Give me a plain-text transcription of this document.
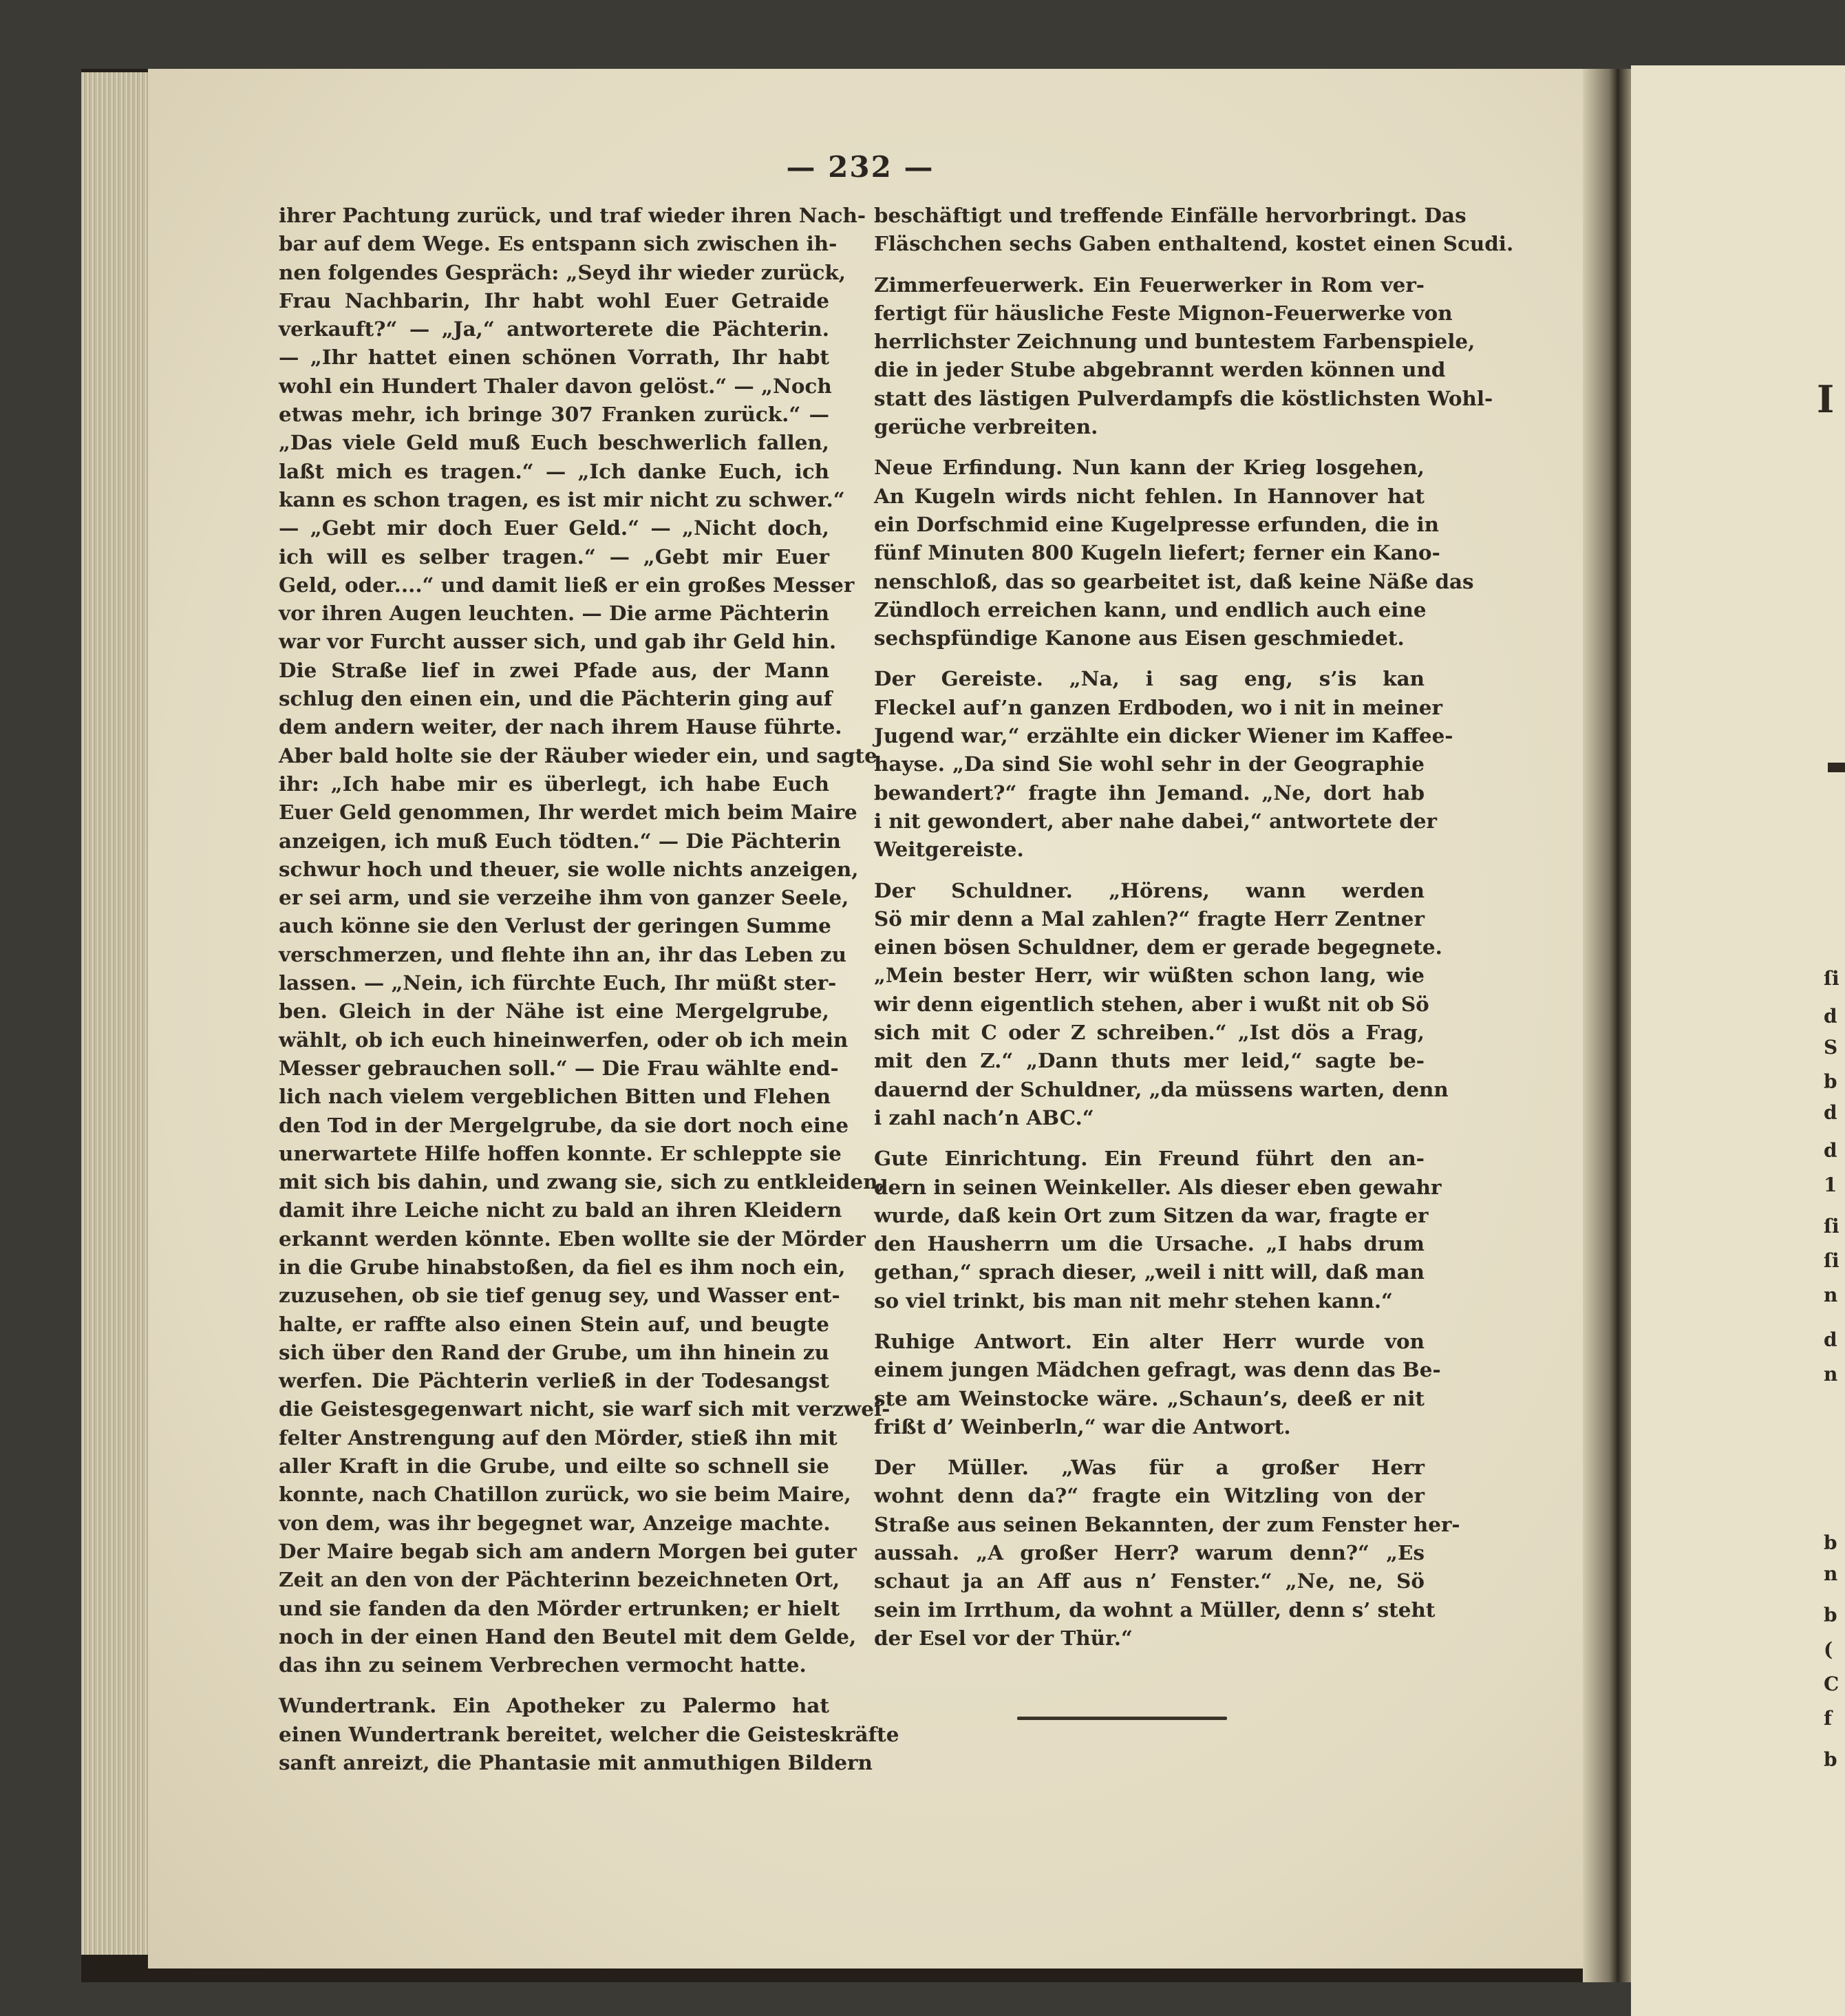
— 232 —
ihrer Pachtung zurück, und traf wieder ihren Nach-
bar auf dem Wege. Es entspann sich zwischen ih-
nen folgendes Gespräch: „Seyd ihr wieder zurück,
Frau Nachbarin, Ihr habt wohl Euer Getraide
verkauft?“ — „Ja,“ antworterete die Pächterin.
— „Ihr hattet einen schönen Vorrath, Ihr habt
wohl ein Hundert Thaler davon gelöst.“ — „Noch
etwas mehr, ich bringe 307 Franken zurück.“ —
„Das viele Geld muß Euch beschwerlich fallen,
laßt mich es tragen.“ — „Ich danke Euch, ich
kann es schon tragen, es ist mir nicht zu schwer.“
— „Gebt mir doch Euer Geld.“ — „Nicht doch,
ich will es selber tragen.“ — „Gebt mir Euer
Geld, oder....“ und damit ließ er ein großes Messer
vor ihren Augen leuchten. — Die arme Pächterin
war vor Furcht ausser sich, und gab ihr Geld hin.
Die Straße lief in zwei Pfade aus, der Mann
schlug den einen ein, und die Pächterin ging auf
dem andern weiter, der nach ihrem Hause führte.
Aber bald holte sie der Räuber wieder ein, und sagte
ihr: „Ich habe mir es überlegt, ich habe Euch
Euer Geld genommen, Ihr werdet mich beim Maire
anzeigen, ich muß Euch tödten.“ — Die Pächterin
schwur hoch und theuer, sie wolle nichts anzeigen,
er sei arm, und sie verzeihe ihm von ganzer Seele,
auch könne sie den Verlust der geringen Summe
verschmerzen, und flehte ihn an, ihr das Leben zu
lassen. — „Nein, ich fürchte Euch, Ihr müßt ster-
ben. Gleich in der Nähe ist eine Mergelgrube,
wählt, ob ich euch hineinwerfen, oder ob ich mein
Messer gebrauchen soll.“ — Die Frau wählte end-
lich nach vielem vergeblichen Bitten und Flehen
den Tod in der Mergelgrube, da sie dort noch eine
unerwartete Hilfe hoffen konnte. Er schleppte sie
mit sich bis dahin, und zwang sie, sich zu entkleiden,
damit ihre Leiche nicht zu bald an ihren Kleidern
erkannt werden könnte. Eben wollte sie der Mörder
in die Grube hinabstoßen, da fiel es ihm noch ein,
zuzusehen, ob sie tief genug sey, und Wasser ent-
halte, er raffte also einen Stein auf, und beugte
sich über den Rand der Grube, um ihn hinein zu
werfen. Die Pächterin verließ in der Todesangst
die Geistesgegenwart nicht, sie warf sich mit verzwei-
felter Anstrengung auf den Mörder, stieß ihn mit
aller Kraft in die Grube, und eilte so schnell sie
konnte, nach Chatillon zurück, wo sie beim Maire,
von dem, was ihr begegnet war, Anzeige machte.
Der Maire begab sich am andern Morgen bei guter
Zeit an den von der Pächterinn bezeichneten Ort,
und sie fanden da den Mörder ertrunken; er hielt
noch in der einen Hand den Beutel mit dem Gelde,
das ihn zu seinem Verbrechen vermocht hatte.
Wundertrank. Ein Apotheker zu Palermo hat
einen Wundertrank bereitet, welcher die Geisteskräfte
sanft anreizt, die Phantasie mit anmuthigen Bildern
beschäftigt und treffende Einfälle hervorbringt. Das
Fläschchen sechs Gaben enthaltend, kostet einen Scudi.
Zimmerfeuerwerk. Ein Feuerwerker in Rom ver-
fertigt für häusliche Feste Mignon-Feuerwerke von
herrlichster Zeichnung und buntestem Farbenspiele,
die in jeder Stube abgebrannt werden können und
statt des lästigen Pulverdampfs die köstlichsten Wohl-
gerüche verbreiten.
Neue Erfindung. Nun kann der Krieg losgehen,
An Kugeln wirds nicht fehlen. In Hannover hat
ein Dorfschmid eine Kugelpresse erfunden, die in
fünf Minuten 800 Kugeln liefert; ferner ein Kano-
nenschloß, das so gearbeitet ist, daß keine Näße das
Zündloch erreichen kann, und endlich auch eine
sechspfündige Kanone aus Eisen geschmiedet.
Der Gereiste. „Na, i sag eng, s’is kan
Fleckel auf’n ganzen Erdboden, wo i nit in meiner
Jugend war,“ erzählte ein dicker Wiener im Kaffee-
hayse. „Da sind Sie wohl sehr in der Geographie
bewandert?“ fragte ihn Jemand. „Ne, dort hab
i nit gewondert, aber nahe dabei,“ antwortete der
Weitgereiste.
Der Schuldner. „Hörens, wann werden
Sö mir denn a Mal zahlen?“ fragte Herr Zentner
einen bösen Schuldner, dem er gerade begegnete.
„Mein bester Herr, wir wüßten schon lang, wie
wir denn eigentlich stehen, aber i wußt nit ob Sö
sich mit C oder Z schreiben.“ „Ist dös a Frag,
mit den Z.“ „Dann thuts mer leid,“ sagte be-
dauernd der Schuldner, „da müssens warten, denn
i zahl nach’n ABC.“
Gute Einrichtung. Ein Freund führt den an-
dern in seinen Weinkeller. Als dieser eben gewahr
wurde, daß kein Ort zum Sitzen da war, fragte er
den Hausherrn um die Ursache. „I habs drum
gethan,“ sprach dieser, „weil i nitt will, daß man
so viel trinkt, bis man nit mehr stehen kann.“
Ruhige Antwort. Ein alter Herr wurde von
einem jungen Mädchen gefragt, was denn das Be-
ste am Weinstocke wäre. „Schaun’s, deeß er nit
frißt d’ Weinberln,“ war die Antwort.
Der Müller. „Was für a großer Herr
wohnt denn da?“ fragte ein Witzling von der
Straße aus seinen Bekannten, der zum Fenster her-
aussah. „A großer Herr? warum denn?“ „Es
schaut ja an Aff aus n’ Fenster.“ „Ne, ne, Sö
sein im Irrthum, da wohnt a Müller, denn s’ steht
der Esel vor der Thür.“
I
ſi
d
S
b
d
d
1
ſi
ſi
n
d
n
b
n
b
(
C
f
b
